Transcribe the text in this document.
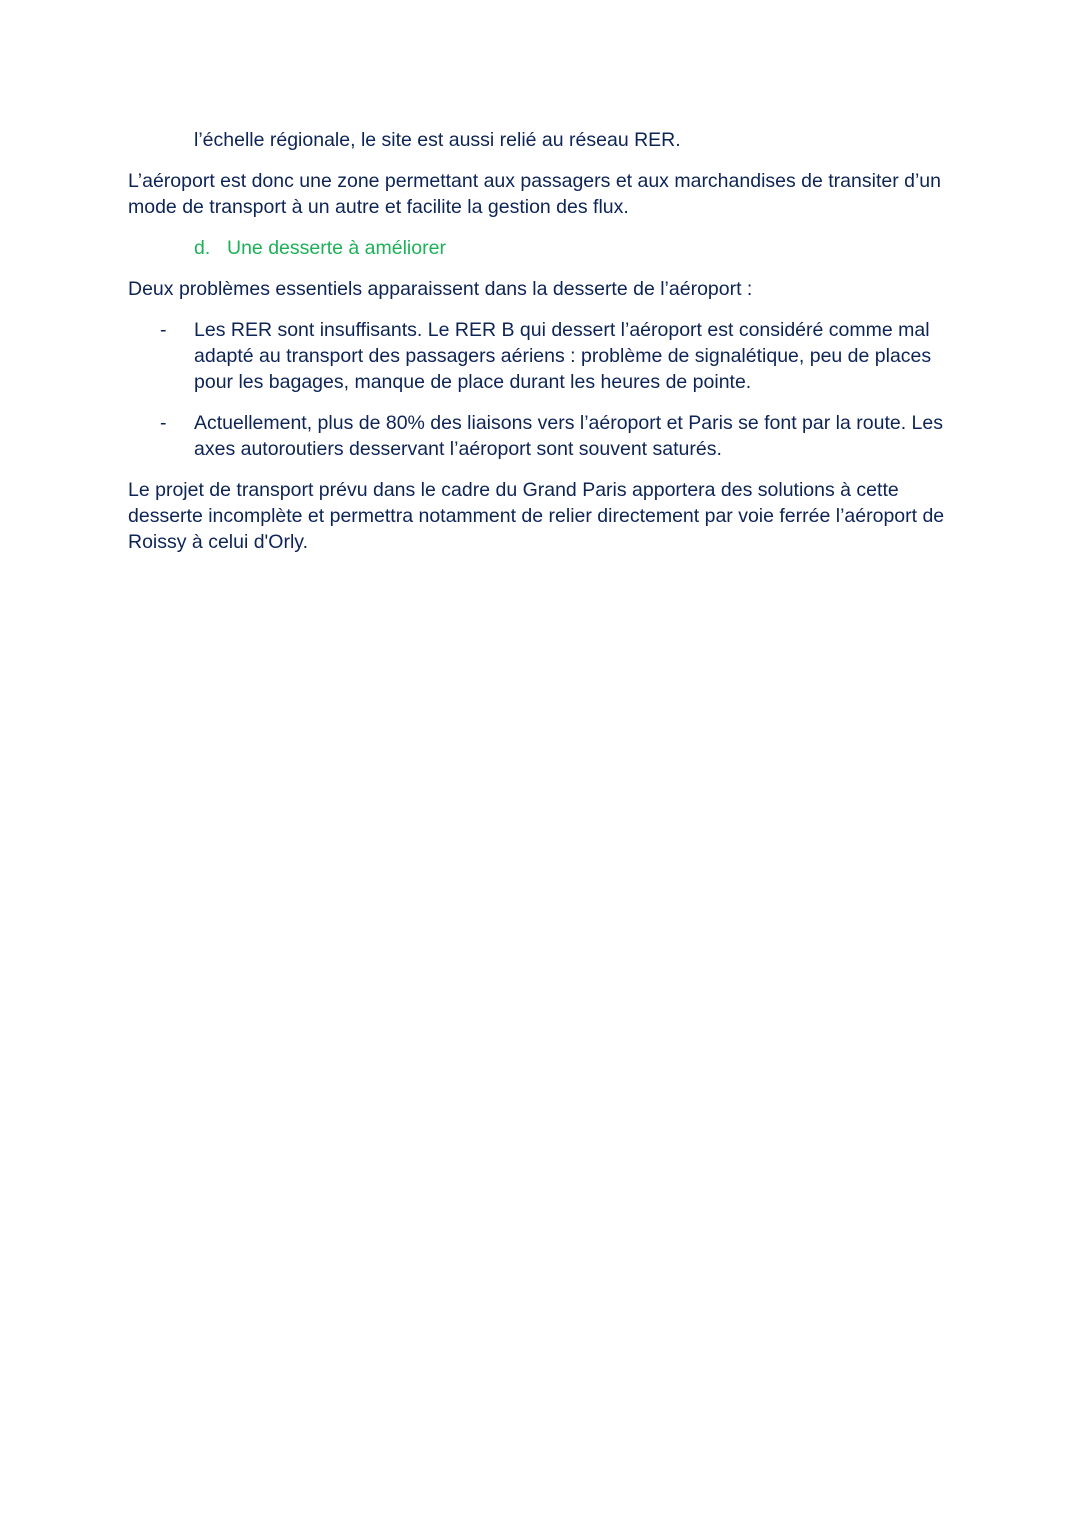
l’échelle régionale, le site est aussi relié au réseau RER.

L’aéroport est donc une zone permettant aux passagers et aux marchandises de transiter d’un mode de transport à un autre et facilite la gestion des flux.

d. Une desserte à améliorer

Deux problèmes essentiels apparaissent dans la desserte de l’aéroport :

- Les RER sont insuffisants. Le RER B qui dessert l’aéroport est considéré comme mal adapté au transport des passagers aériens : problème de signalétique, peu de places pour les bagages, manque de place durant les heures de pointe.
- Actuellement, plus de 80% des liaisons vers l’aéroport et Paris se font par la route. Les axes autoroutiers desservant l’aéroport sont souvent saturés.

Le projet de transport prévu dans le cadre du Grand Paris apportera des solutions à cette desserte incomplète et permettra notamment de relier directement par voie ferrée l’aéroport de Roissy à celui d'Orly.
